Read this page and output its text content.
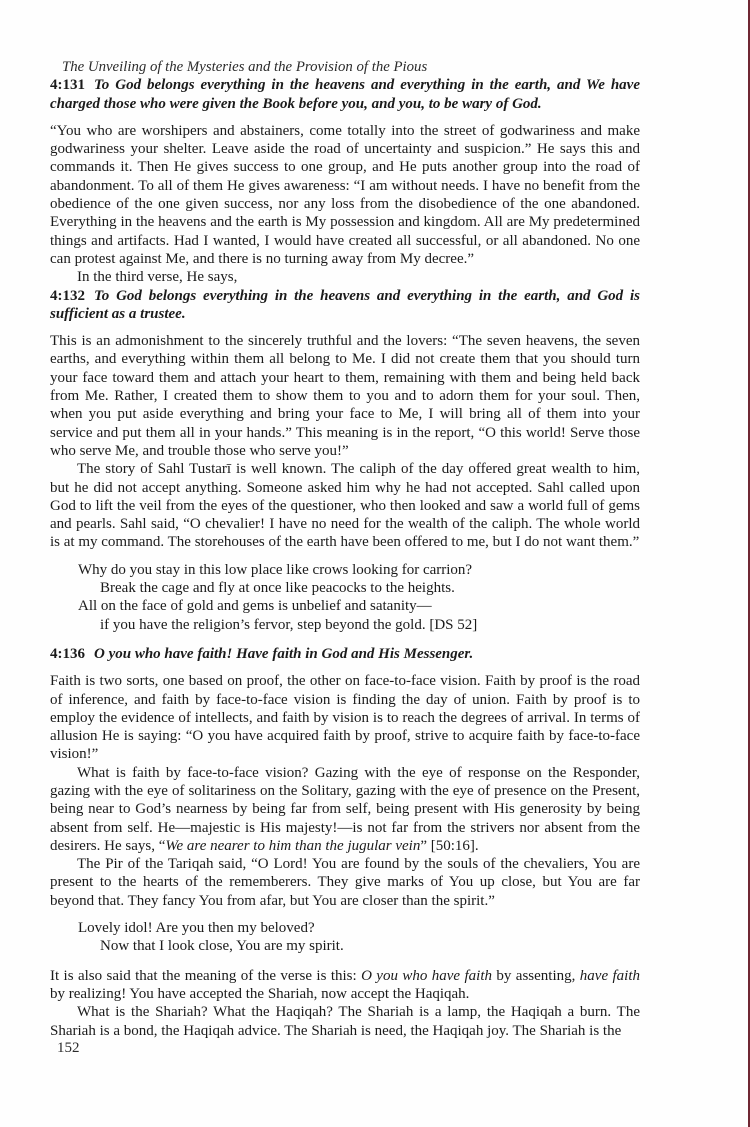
The Unveiling of the Mysteries and the Provision of the Pious

4:131 To God belongs everything in the heavens and everything in the earth, and We have charged those who were given the Book before you, and you, to be wary of God.

“You who are worshipers and abstainers, come totally into the street of godwariness and make godwariness your shelter. Leave aside the road of uncertainty and suspicion.” He says this and commands it. Then He gives success to one group, and He puts another group into the road of abandonment. To all of them He gives awareness: “I am without needs. I have no benefit from the obedience of the one given success, nor any loss from the disobedience of the one abandoned. Everything in the heavens and the earth is My possession and kingdom. All are My predetermined things and artifacts. Had I wanted, I would have created all successful, or all abandoned. No one can protest against Me, and there is no turning away from My decree.”

In the third verse, He says,

4:132 To God belongs everything in the heavens and everything in the earth, and God is sufficient as a trustee.

This is an admonishment to the sincerely truthful and the lovers: “The seven heavens, the seven earths, and everything within them all belong to Me. I did not create them that you should turn your face toward them and attach your heart to them, remaining with them and being held back from Me. Rather, I created them to show them to you and to adorn them for your soul. Then, when you put aside everything and bring your face to Me, I will bring all of them into your service and put them all in your hands.” This meaning is in the report, “O this world! Serve those who serve Me, and trouble those who serve you!”

The story of Sahl Tustarī is well known. The caliph of the day offered great wealth to him, but he did not accept anything. Someone asked him why he had not accepted. Sahl called upon God to lift the veil from the eyes of the questioner, who then looked and saw a world full of gems and pearls. Sahl said, “O chevalier! I have no need for the wealth of the caliph. The whole world is at my command. The storehouses of the earth have been offered to me, but I do not want them.”

Why do you stay in this low place like crows looking for carrion?
Break the cage and fly at once like peacocks to the heights.
All on the face of gold and gems is unbelief and satanity—
if you have the religion’s fervor, step beyond the gold. [DS 52]

4:136 O you who have faith! Have faith in God and His Messenger.

Faith is two sorts, one based on proof, the other on face-to-face vision. Faith by proof is the road of inference, and faith by face-to-face vision is finding the day of union. Faith by proof is to employ the evidence of intellects, and faith by vision is to reach the degrees of arrival. In terms of allusion He is saying: “O you have acquired faith by proof, strive to acquire faith by face-to-face vision!”

What is faith by face-to-face vision? Gazing with the eye of response on the Responder, gazing with the eye of solitariness on the Solitary, gazing with the eye of presence on the Present, being near to God’s nearness by being far from self, being present with His generosity by being absent from self. He—majestic is His majesty!—is not far from the strivers nor absent from the desirers. He says, “We are nearer to him than the jugular vein” [50:16].

The Pir of the Tariqah said, “O Lord! You are found by the souls of the chevaliers, You are present to the hearts of the rememberers. They give marks of You up close, but You are far beyond that. They fancy You from afar, but You are closer than the spirit.”

Lovely idol! Are you then my beloved?
Now that I look close, You are my spirit.

It is also said that the meaning of the verse is this: O you who have faith by assenting, have faith by realizing! You have accepted the Shariah, now accept the Haqiqah.

What is the Shariah? What the Haqiqah? The Shariah is a lamp, the Haqiqah a burn. The Shariah is a bond, the Haqiqah advice. The Shariah is need, the Haqiqah joy. The Shariah is the

152
